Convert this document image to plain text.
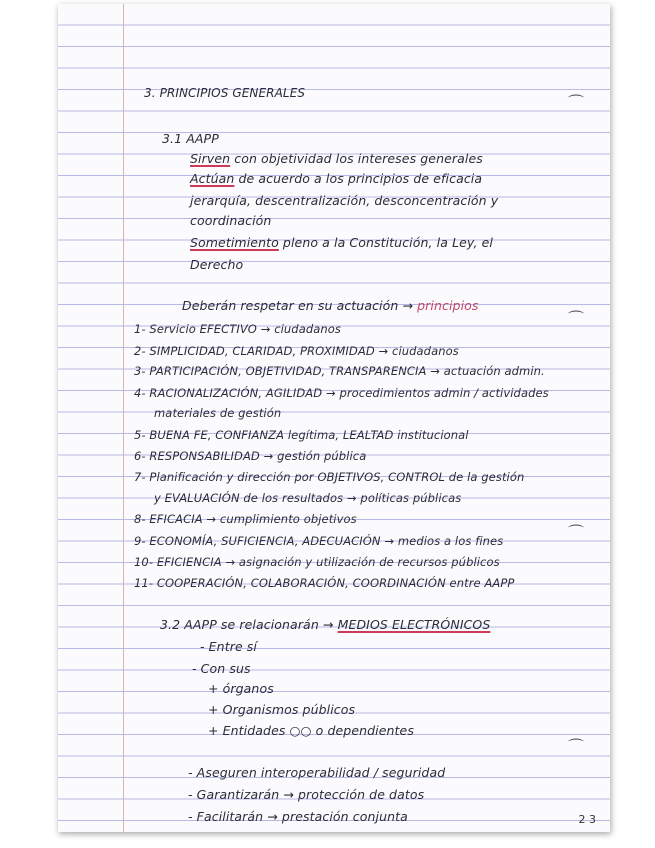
3. PRINCIPIOS GENERALES	⌒
3.1 AAPP
Sirven con objetividad los intereses generales
Actúan de acuerdo a los principios de eficacia
jerarquía, descentralización, desconcentración y
coordinación
Sometimiento pleno a la Constitución, la Ley, el
Derecho
Deberán respetar en su actuación → principios
⌒
1- Servicio EFECTIVO → ciudadanos
2- SIMPLICIDAD, CLARIDAD, PROXIMIDAD → ciudadanos
3- PARTICIPACIÓN, OBJETIVIDAD, TRANSPARENCIA → actuación admin.
4- RACIONALIZACIÓN, AGILIDAD → procedimientos admin / actividades
materiales de gestión
5- BUENA FE, CONFIANZA legítima, LEALTAD institucional
6- RESPONSABILIDAD → gestión pública
7- Planificación y dirección por OBJETIVOS, CONTROL de la gestión
y EVALUACIÓN de los resultados → políticas públicas
8- EFICACIA → cumplimiento objetivos
⌒
9- ECONOMÍA, SUFICIENCIA, ADECUACIÓN → medios a los fines
10- EFICIENCIA → asignación y utilización de recursos públicos
11- COOPERACIÓN, COLABORACIÓN, COORDINACIÓN entre AAPP
3.2 AAPP se relacionarán → MEDIOS ELECTRÓNICOS
- Entre sí
- Con sus
+ órganos
+ Organismos públicos
+ Entidades ○○ o dependientes
⌒
- Aseguren interoperabilidad / seguridad
- Garantizarán → protección de datos
- Facilitarán → prestación conjunta	2 3
